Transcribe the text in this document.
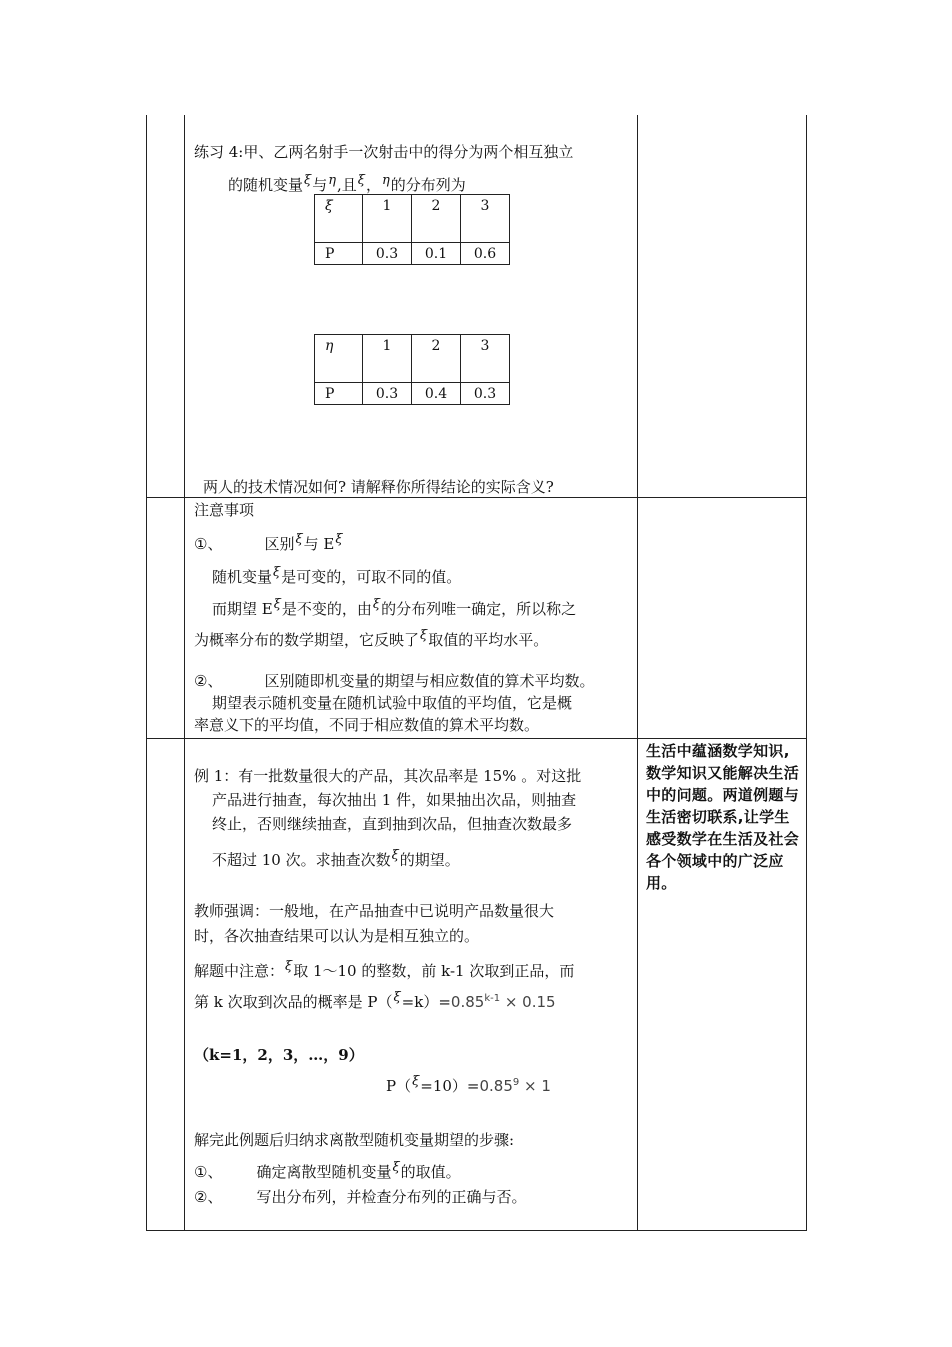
练习 4:甲、乙两名射手一次射击中的得分为两个相互独立
的随机变量ξ与η,且ξ，η的分布列为
ξ	1	2	3
P	0.3	0.1	0.6
η	1	2	3
P	0.3	0.4	0.3
两人的技术情况如何? 请解释你所得结论的实际含义?
注意事项
①、	区别ξ与 Eξ
随机变量ξ是可变的，可取不同的值。
而期望 Eξ是不变的，由ξ的分布列唯一确定，所以称之
为概率分布的数学期望，它反映了ξ取值的平均水平。
②、	区别随即机变量的期望与相应数值的算术平均数。
期望表示随机变量在随机试验中取值的平均值，它是概
率意义下的平均值，不同于相应数值的算术平均数。
例 1：有一批数量很大的产品，其次品率是 15% 。对这批
产品进行抽查，每次抽出 1 件，如果抽出次品，则抽查
终止，否则继续抽查，直到抽到次品，但抽查次数最多
不超过 10 次。求抽查次数ξ的期望。
教师强调：一般地，在产品抽查中已说明产品数量很大
时，各次抽查结果可以认为是相互独立的。
解题中注意：ξ取 1～10 的整数，前 k-1 次取到正品，而
第 k 次取到次品的概率是 $P(\xi=k)=0.85^{k-1} \times 0.15$
（k=1，2，3，…，9）
$P(\xi=10)=0.85^9 \times 1$
解完此例题后归纳求离散型随机变量期望的步骤:
①、 确定离散型随机变量ξ的取值。
②、 写出分布列，并检查分布列的正确与否。
生活中蕴涵数学知识,数学知识又能解决生活中的问题。两道例题与生活密切联系,让学生感受数学在生活及社会各个领域中的广泛应用。
